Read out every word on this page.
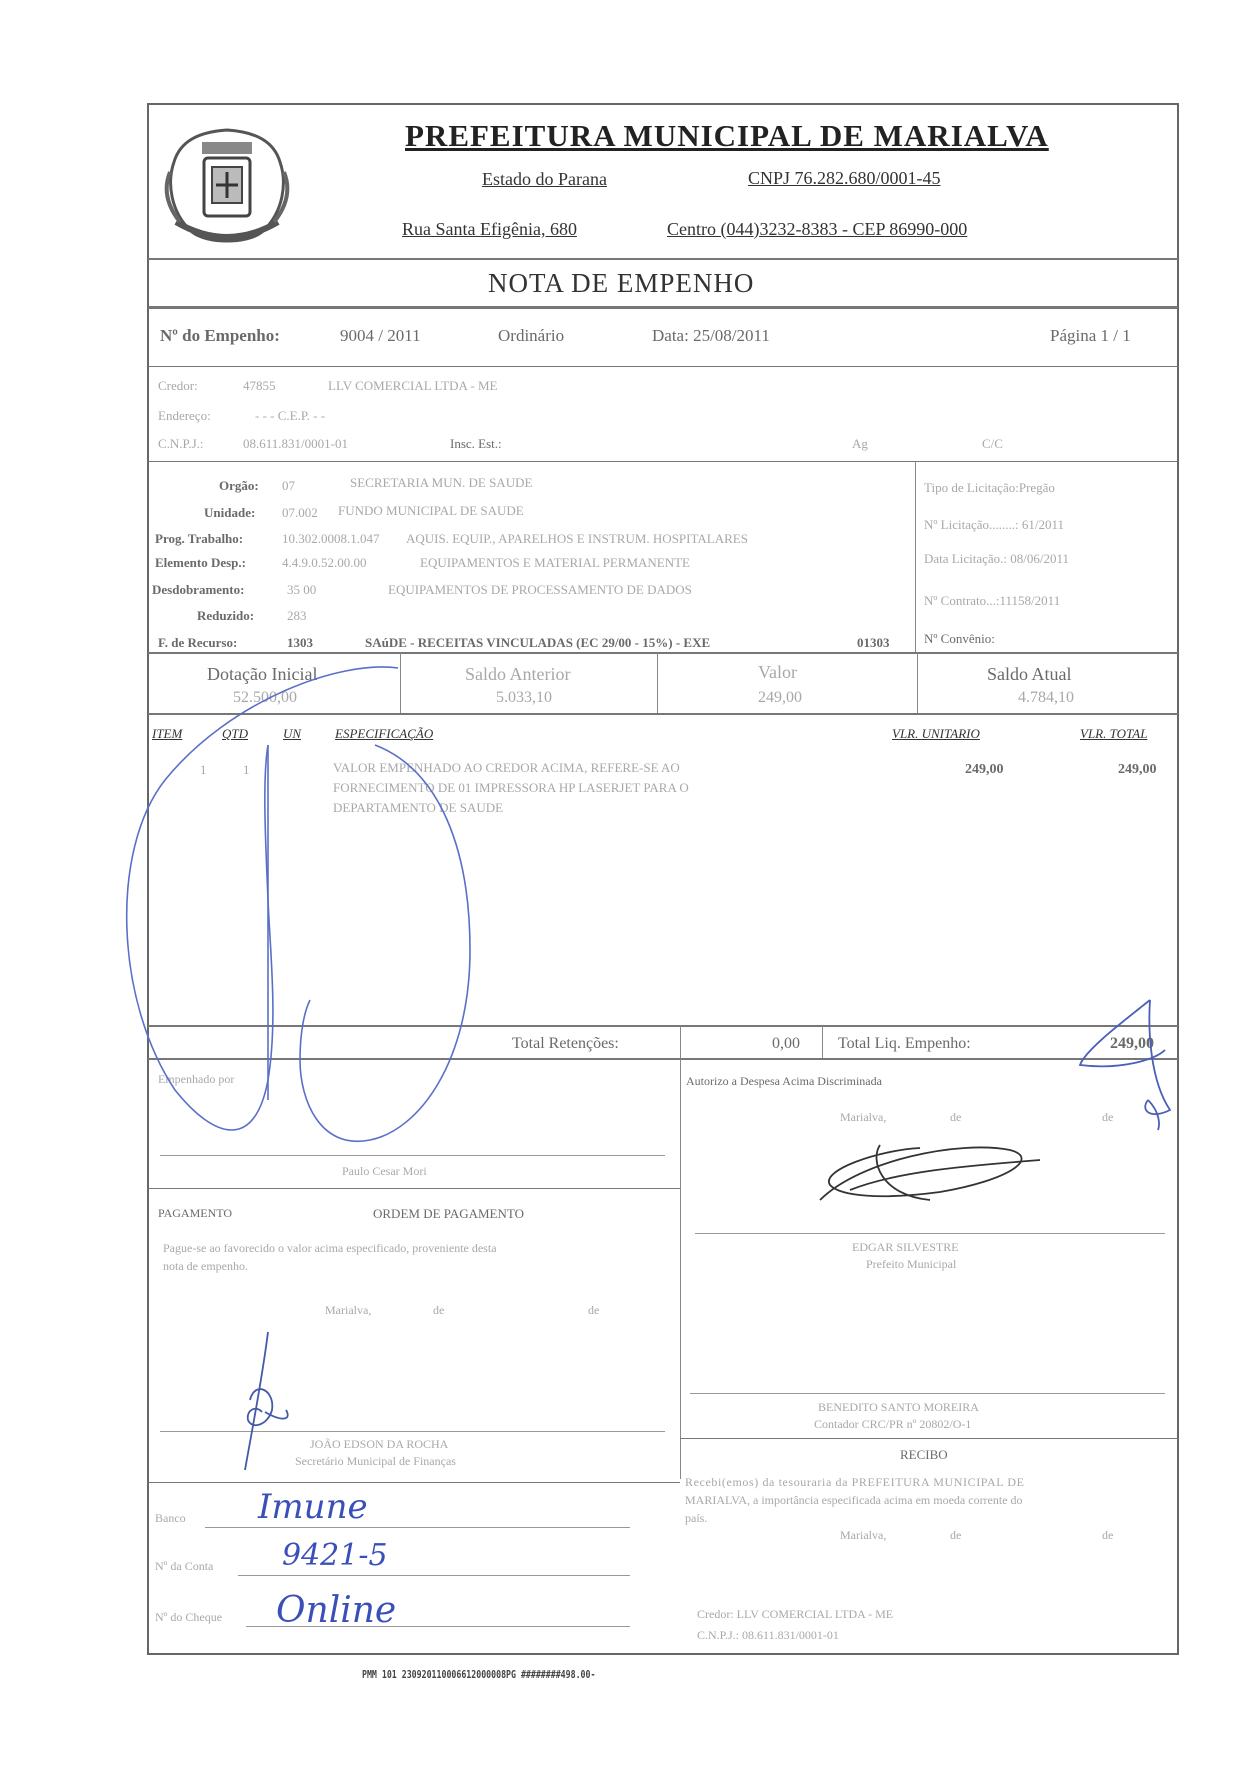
PREFEITURA MUNICIPAL DE MARIALVA
Estado do Parana	CNPJ 76.282.680/0001-45
Rua Santa Efigênia, 680	Centro (044)3232-8383 - CEP 86990-000
NOTA DE EMPENHO
Nº do Empenho:	9004 / 2011	Ordinário	Data: 25/08/2011	Página 1 / 1
Credor:	47855	LLV COMERCIAL LTDA - ME
Endereço:	- - - C.E.P. - -
C.N.P.J.:	08.611.831/0001-01	Insc. Est.:	Ag	C/C
Orgão: 07	SECRETARIA MUN. DE SAUDE
Unidade: 07.002 FUNDO MUNICIPAL DE SAUDE
Prog. Trabalho:	10.302.0008.1.047 AQUIS. EQUIP., APARELHOS E INSTRUM. HOSPITALARES
Elemento Desp.:	4.4.9.0.52.00.00	EQUIPAMENTOS E MATERIAL PERMANENTE
Desdobramento:	35 00	EQUIPAMENTOS DE PROCESSAMENTO DE DADOS
Reduzido:	283
F. de Recurso:	1303	SAúDE - RECEITAS VINCULADAS (EC 29/00 - 15%) - EXE	01303
Tipo de Licitação:Pregão
Nº Licitação........: 61/2011
Data Licitação.: 08/06/2011
Nº Contrato...:11158/2011
Nº Convênio:
Dotação Inicial
52.500,00
Saldo Anterior
5.033,10
Valor
249,00
Saldo Atual
4.784,10
ITEM	QTD	UN	ESPECIFICAÇÃO	VLR. UNITARIO	VLR. TOTAL
1	1	VALOR EMPENHADO AO CREDOR ACIMA, REFERE-SE AO
FORNECIMENTO DE 01 IMPRESSORA HP LASERJET PARA O
DEPARTAMENTO DE SAUDE
249,00	249,00
Total Retenções:	0,00 Total Liq. Empenho:	249,00
Empenhado por
Paulo Cesar Mori
Autorizo a Despesa Acima Discriminada
Marialva,	de	de
EDGAR SILVESTRE
Prefeito Municipal
PAGAMENTO	ORDEM DE PAGAMENTO
Pague-se ao favorecido o valor acima especificado, proveniente desta
nota de empenho.
Marialva,	de	de
JOÃO EDSON DA ROCHA
Secretário Municipal de Finanças
BENEDITO SANTO MOREIRA
Contador CRC/PR nº 20802/O-1
RECIBO
Recebi(emos) da tesouraria da PREFEITURA MUNICIPAL DE
MARIALVA, a importância especificada acima em moeda corrente do
país.
Marialva,	de	de
Credor: LLV COMERCIAL LTDA - ME
C.N.P.J.: 08.611.831/0001-01
Banco Imune
Nº da Conta 9421-5
Nº do Cheque Online
PMM 101 230920110006612000008PG ########498.00-
